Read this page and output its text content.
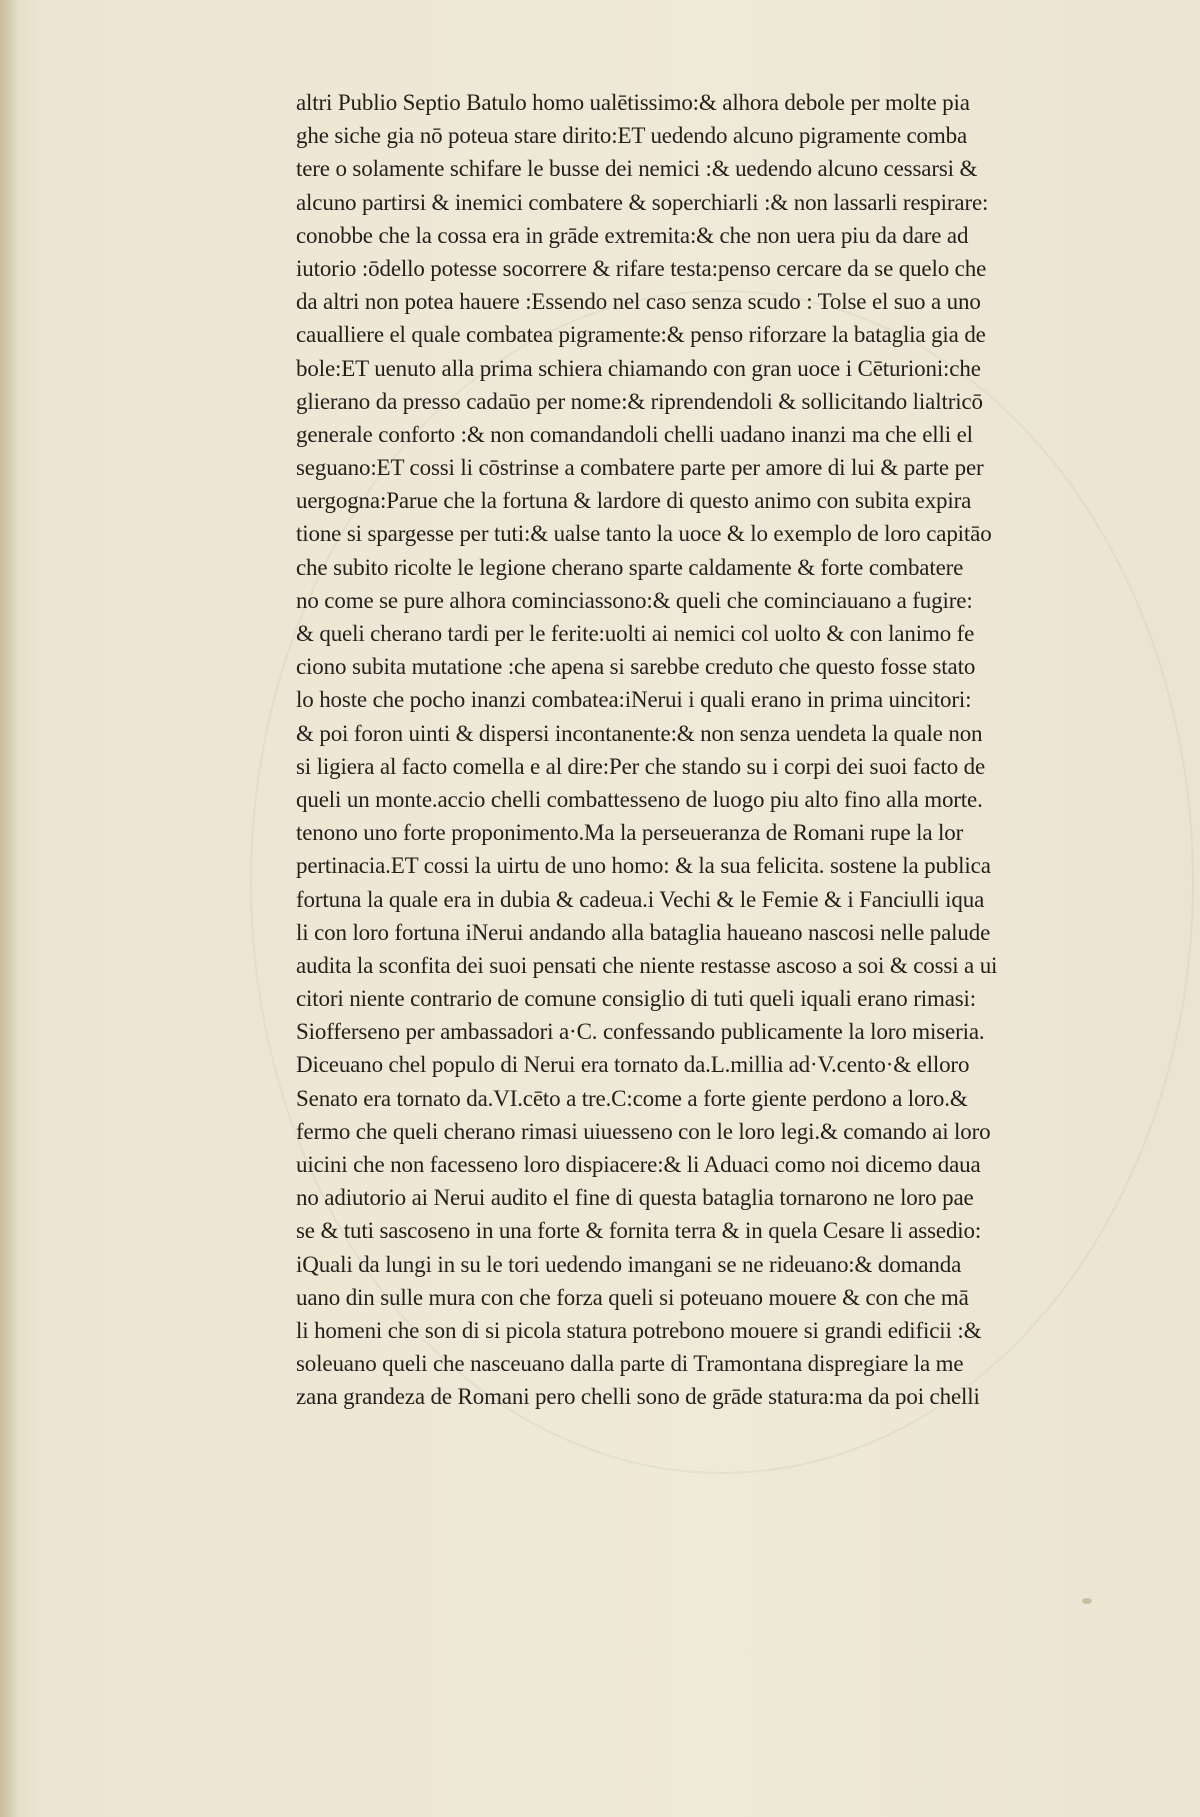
altri Publio Septio Batulo homo ualētissimo:& alhora debole per molte pia
ghe siche gia nō poteua stare dirito:ET uedendo alcuno pigramente comba
tere o solamente schifare le busse dei nemici :& uedendo alcuno cessarsi &
alcuno partirsi & inemici combatere & soperchiarli :& non lassarli respirare:
conobbe che la cossa era in grāde extremita:& che non uera piu da dare ad
iutorio :ōdello potesse socorrere & rifare testa:penso cercare da se quelo che
da altri non potea hauere :Essendo nel caso senza scudo : Tolse el suo a uno
caualliere el quale combatea pigramente:& penso riforzare la bataglia gia de
bole:ET uenuto alla prima schiera chiamando con gran uoce i Cēturioni:che
glierano da presso cadaūo per nome:& riprendendoli & sollicitando lialtricō
generale conforto :& non comandandoli chelli uadano inanzi ma che elli el
seguano:ET cossi li cōstrinse a combatere parte per amore di lui & parte per
uergogna:Parue che la fortuna & lardore di questo animo con subita expira
tione si spargesse per tuti:& ualse tanto la uoce & lo exemplo de loro capitāo
che subito ricolte le legione cherano sparte caldamente & forte combatere
no come se pure alhora cominciassono:& queli che cominciauano a fugire:
& queli cherano tardi per le ferite:uolti ai nemici col uolto & con lanimo fe
ciono subita mutatione :che apena si sarebbe creduto che questo fosse stato
lo hoste che pocho inanzi combatea:iNerui i quali erano in prima uincitori:
& poi foron uinti & dispersi incontanente:& non senza uendeta la quale non
si ligiera al facto comella e al dire:Per che stando su i corpi dei suoi facto de
queli un monte.accio chelli combattesseno de luogo piu alto fino alla morte.
tenono uno forte proponimento.Ma la perseueranza de Romani rupe la lor
pertinacia.ET cossi la uirtu de uno homo: & la sua felicita. sostene la publica
fortuna la quale era in dubia & cadeua.i Vechi & le Femie & i Fanciulli iqua
li con loro fortuna iNerui andando alla bataglia haueano nascosi nelle palude
audita la sconfita dei suoi pensati che niente restasse ascoso a soi & cossi a ui
citori niente contrario de comune consiglio di tuti queli iquali erano rimasi:
Siofferseno per ambassadori a·C. confessando publicamente la loro miseria.
Diceuano chel populo di Nerui era tornato da.L.millia ad·V.cento·& elloro
Senato era tornato da.VI.cēto a tre.C:come a forte giente perdono a loro.&
fermo che queli cherano rimasi uiuesseno con le loro legi.& comando ai loro
uicini che non facesseno loro dispiacere:& li Aduaci como noi dicemo daua
no adiutorio ai Nerui audito el fine di questa bataglia tornarono ne loro pae
se & tuti sascoseno in una forte & fornita terra & in quela Cesare li assedio:
iQuali da lungi in su le tori uedendo imangani se ne rideuano:& domanda
uano din sulle mura con che forza queli si poteuano mouere & con che mā
li homeni che son di si picola statura potrebono mouere si grandi edificii :&
soleuano queli che nasceuano dalla parte di Tramontana dispregiare la me
zana grandeza de Romani pero chelli sono de grāde statura:ma da poi chelli
